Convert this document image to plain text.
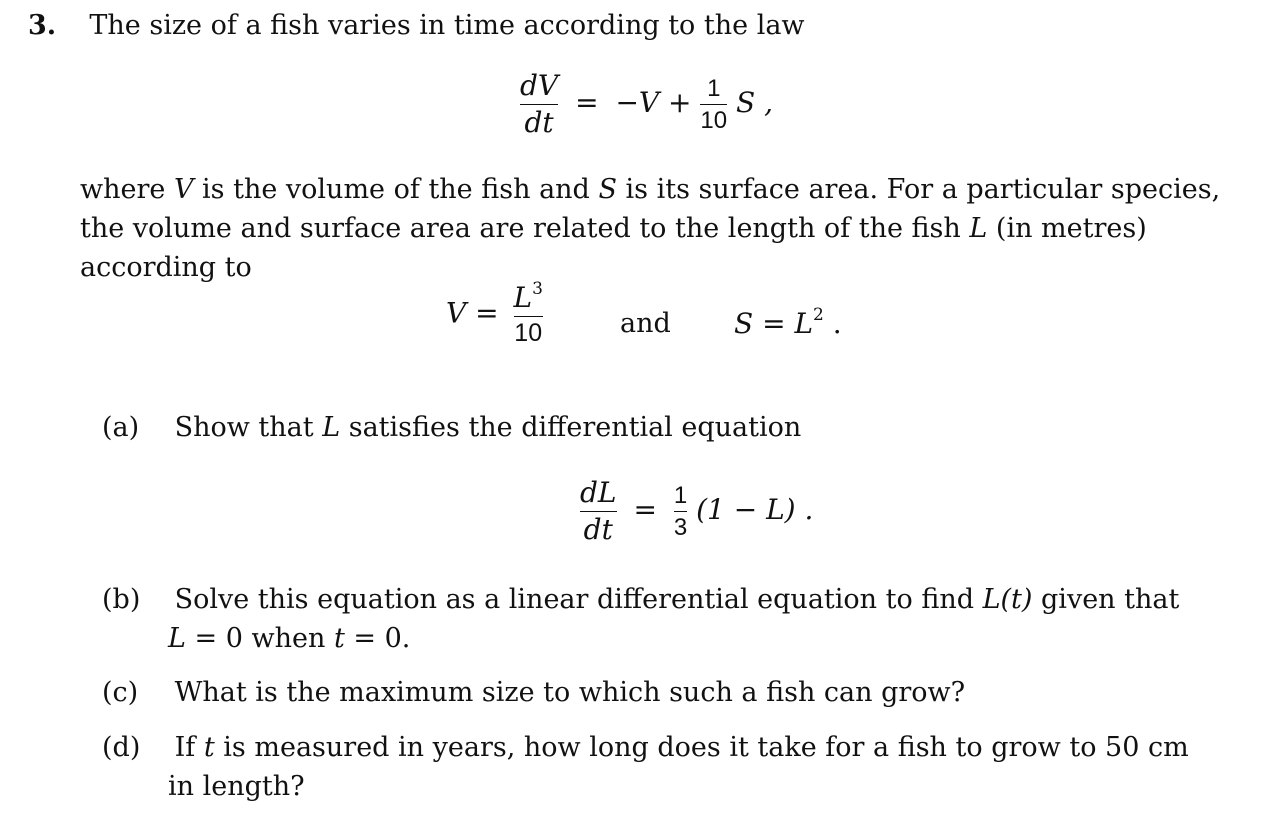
3. The size of a fish varies in time according to the law
$\frac{dV}{dt} = -V + \frac{1}{10}$ S ,
where V is the volume of the fish and S is its surface area. For a particular species,
the volume and surface area are related to the length of the fish L (in metres)
according to
$V = \frac{L^3}{10}$	and $S = L^2$ .
(a) Show that L satisfies the differential equation
$\frac{dL}{dt} = \frac{1}{3} (1 - L)$ .
(b) Solve this equation as a linear differential equation to find L(t) given that
L = 0 when t = 0.
(c) What is the maximum size to which such a fish can grow?
(d) If t is measured in years, how long does it take for a fish to grow to 50 cm
in length?
